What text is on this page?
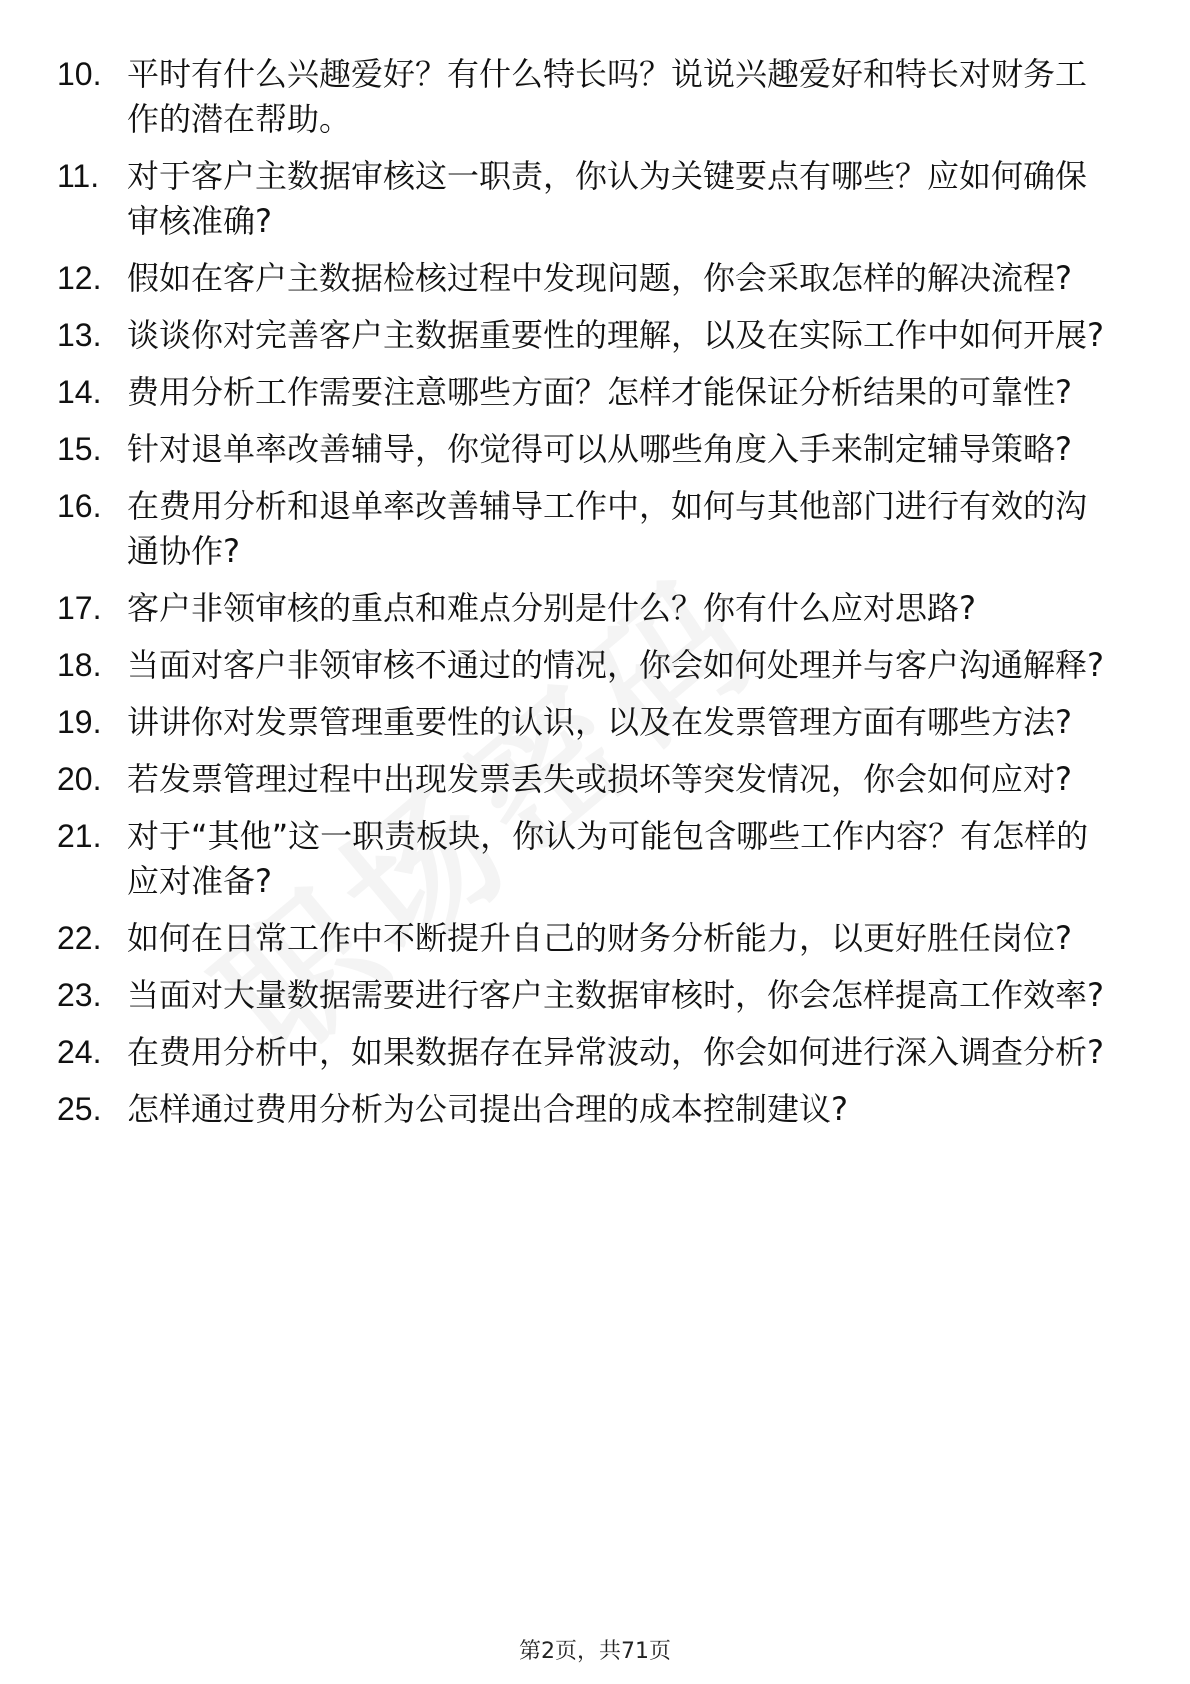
10. 平时有什么兴趣爱好？有什么特长吗？说说兴趣爱好和特长对财务工作的潜在帮助。
11. 对于客户主数据审核这一职责，你认为关键要点有哪些？应如何确保审核准确?
12. 假如在客户主数据检核过程中发现问题，你会采取怎样的解决流程?
13. 谈谈你对完善客户主数据重要性的理解，以及在实际工作中如何开展?
14. 费用分析工作需要注意哪些方面？怎样才能保证分析结果的可靠性?
15. 针对退单率改善辅导，你觉得可以从哪些角度入手来制定辅导策略?
16. 在费用分析和退单率改善辅导工作中，如何与其他部门进行有效的沟通协作?
17. 客户非领审核的重点和难点分别是什么？你有什么应对思路?
18. 当面对客户非领审核不通过的情况，你会如何处理并与客户沟通解释?
19. 讲讲你对发票管理重要性的认识，以及在发票管理方面有哪些方法?
20. 若发票管理过程中出现发票丢失或损坏等突发情况，你会如何应对?
21. 对于“其他”这一职责板块，你认为可能包含哪些工作内容？有怎样的应对准备?
22. 如何在日常工作中不断提升自己的财务分析能力，以更好胜任岗位?
23. 当面对大量数据需要进行客户主数据审核时，你会怎样提高工作效率?
24. 在费用分析中，如果数据存在异常波动，你会如何进行深入调查分析?
25. 怎样通过费用分析为公司提出合理的成本控制建议?
第2页，共71页
